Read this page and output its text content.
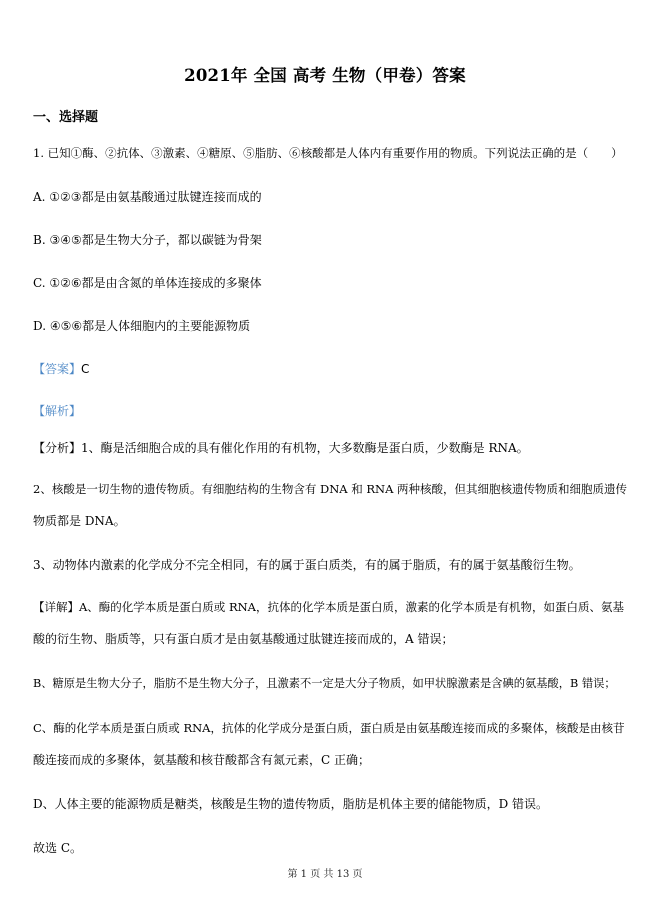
2021年 全国 高考 生物（甲卷）答案
一、选择题
1. 已知①酶、②抗体、③激素、④糖原、⑤脂肪、⑥核酸都是人体内有重要作用的物质。下列说法正确的是（　　）
A. ①②③都是由氨基酸通过肽键连接而成的
B. ③④⑤都是生物大分子，都以碳链为骨架
C. ①②⑥都是由含氮的单体连接成的多聚体
D. ④⑤⑥都是人体细胞内的主要能源物质
【答案】C
【解析】
【分析】1、酶是活细胞合成的具有催化作用的有机物，大多数酶是蛋白质，少数酶是 RNA。
2、核酸是一切生物的遗传物质。有细胞结构的生物含有 DNA 和 RNA 两种核酸，但其细胞核遗传物质和细胞质遗传
物质都是 DNA。
3、动物体内激素的化学成分不完全相同，有的属于蛋白质类，有的属于脂质，有的属于氨基酸衍生物。
【详解】A、酶的化学本质是蛋白质或 RNA，抗体的化学本质是蛋白质，激素的化学本质是有机物，如蛋白质、氨基
酸的衍生物、脂质等，只有蛋白质才是由氨基酸通过肽键连接而成的，A 错误；
B、糖原是生物大分子，脂肪不是生物大分子，且激素不一定是大分子物质，如甲状腺激素是含碘的氨基酸，B 错误；
C、酶的化学本质是蛋白质或 RNA，抗体的化学成分是蛋白质，蛋白质是由氨基酸连接而成的多聚体，核酸是由核苷
酸连接而成的多聚体，氨基酸和核苷酸都含有氮元素，C 正确；
D、人体主要的能源物质是糖类，核酸是生物的遗传物质，脂肪是机体主要的储能物质，D 错误。
故选 C。
第 1 页 共 13 页
